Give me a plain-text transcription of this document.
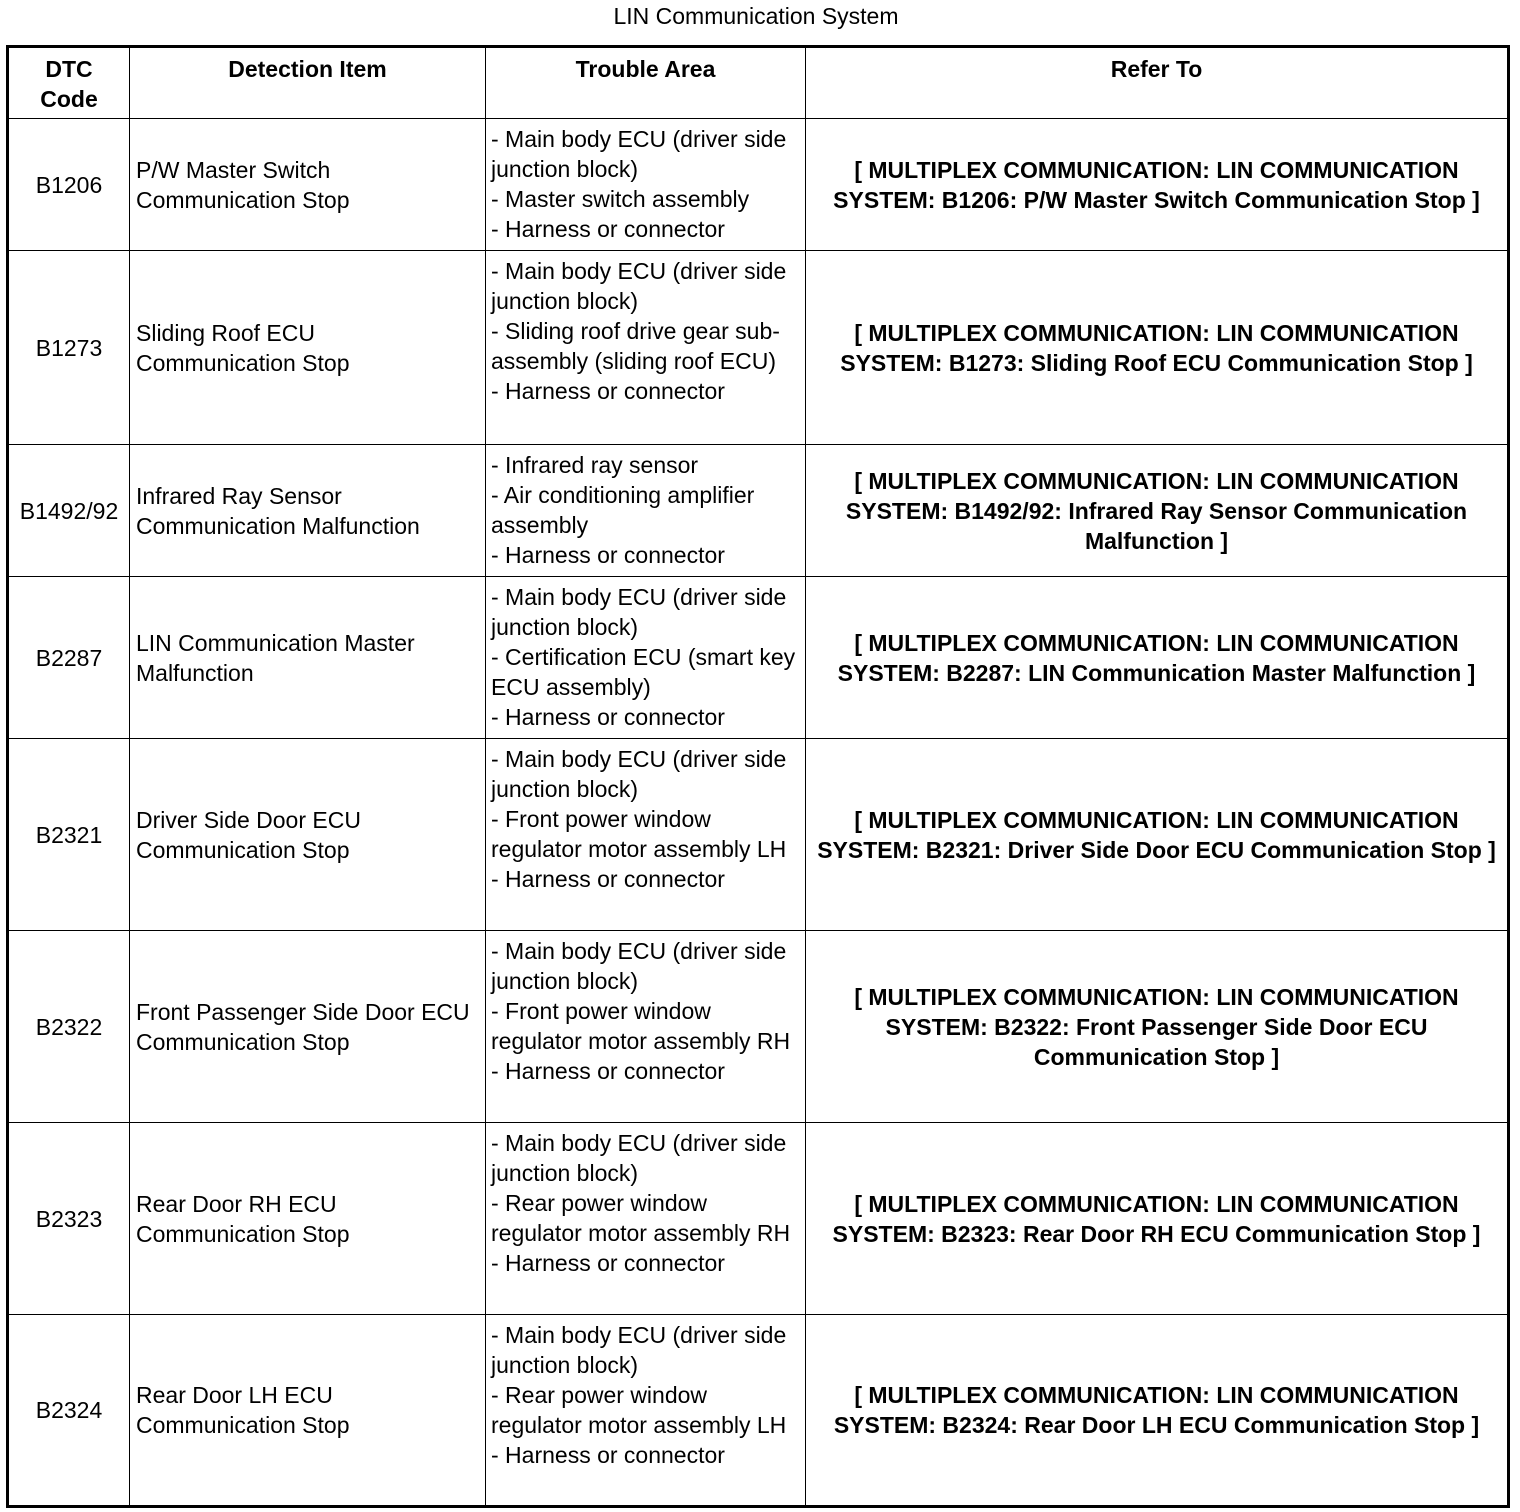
LIN Communication System
DTC Code	Detection Item	Trouble Area	Refer To
B1206	P/W Master Switch Communication Stop	- Main body ECU (driver side junction block)
- Master switch assembly
- Harness or connector	[ MULTIPLEX COMMUNICATION: LIN COMMUNICATION SYSTEM: B1206: P/W Master Switch Communication Stop ]
B1273	Sliding Roof ECU Communication Stop	- Main body ECU (driver side junction block)
- Sliding roof drive gear sub-assembly (sliding roof ECU)
- Harness or connector	[ MULTIPLEX COMMUNICATION: LIN COMMUNICATION SYSTEM: B1273: Sliding Roof ECU Communication Stop ]
B1492/92	Infrared Ray Sensor Communication Malfunction	- Infrared ray sensor
- Air conditioning amplifier assembly
- Harness or connector	[ MULTIPLEX COMMUNICATION: LIN COMMUNICATION SYSTEM: B1492/92: Infrared Ray Sensor Communication Malfunction ]
B2287	LIN Communication Master Malfunction	- Main body ECU (driver side junction block)
- Certification ECU (smart key ECU assembly)
- Harness or connector	[ MULTIPLEX COMMUNICATION: LIN COMMUNICATION SYSTEM: B2287: LIN Communication Master Malfunction ]
B2321	Driver Side Door ECU Communication Stop	- Main body ECU (driver side junction block)
- Front power window regulator motor assembly LH
- Harness or connector	[ MULTIPLEX COMMUNICATION: LIN COMMUNICATION SYSTEM: B2321: Driver Side Door ECU Communication Stop ]
B2322	Front Passenger Side Door ECU Communication Stop	- Main body ECU (driver side junction block)
- Front power window regulator motor assembly RH
- Harness or connector	[ MULTIPLEX COMMUNICATION: LIN COMMUNICATION SYSTEM: B2322: Front Passenger Side Door ECU Communication Stop ]
B2323	Rear Door RH ECU Communication Stop	- Main body ECU (driver side junction block)
- Rear power window regulator motor assembly RH
- Harness or connector	[ MULTIPLEX COMMUNICATION: LIN COMMUNICATION SYSTEM: B2323: Rear Door RH ECU Communication Stop ]
B2324	Rear Door LH ECU Communication Stop	- Main body ECU (driver side junction block)
- Rear power window regulator motor assembly LH
- Harness or connector	[ MULTIPLEX COMMUNICATION: LIN COMMUNICATION SYSTEM: B2324: Rear Door LH ECU Communication Stop ]
